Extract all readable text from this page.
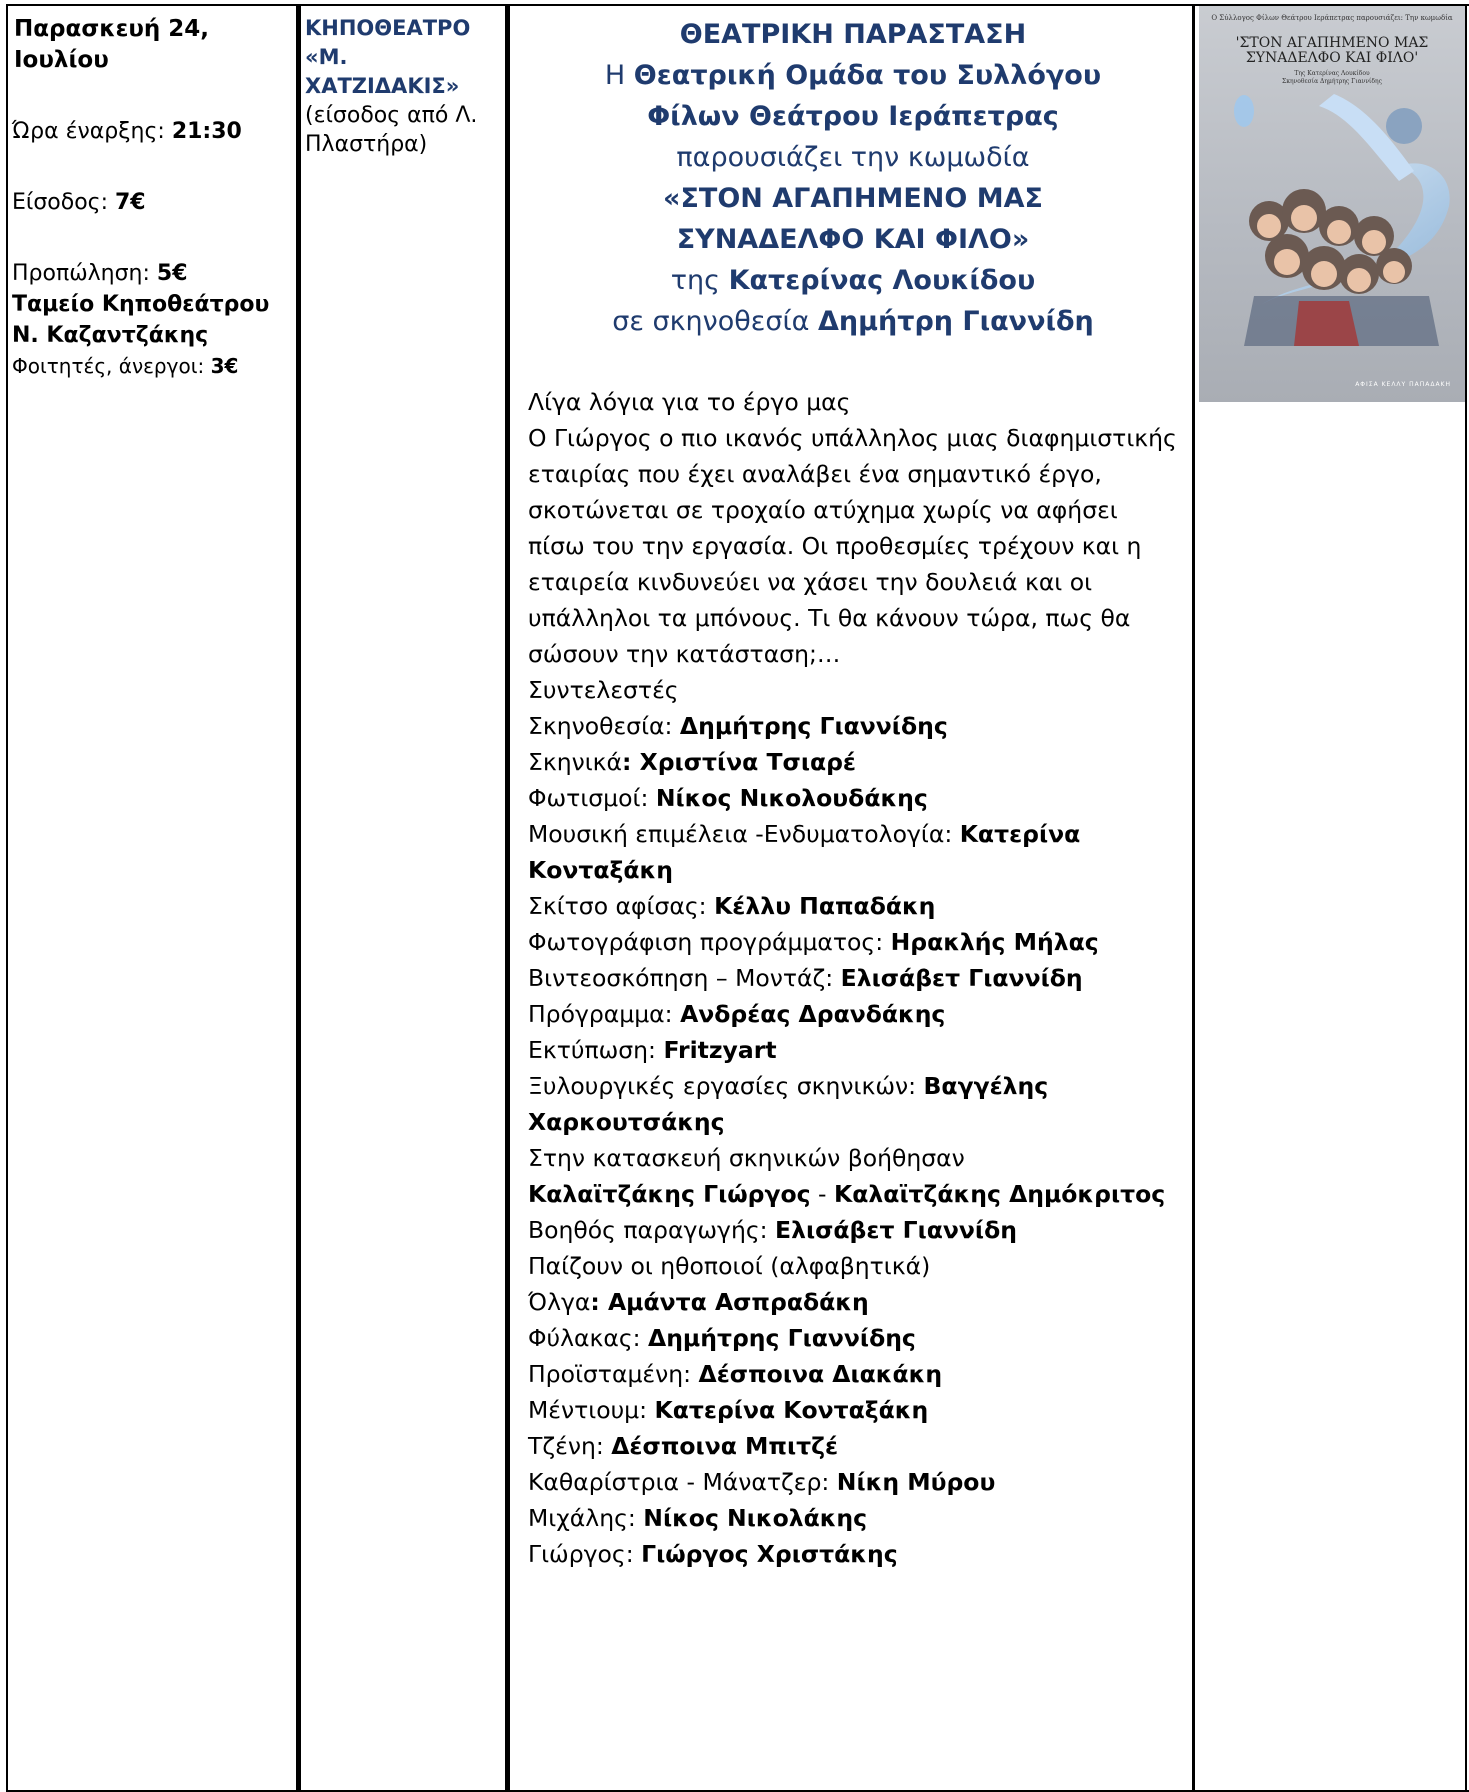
Παρασκευή 24, Ιουλίου

Ώρα έναρξης: 21:30

Είσοδος: 7€

Προπώληση: 5€

Ταμείο Κηποθεάτρου

Ν. Καζαντζάκης

Φοιτητές, άνεργοι: 3€

ΚΗΠΟΘΕΑΤΡΟ
«Μ.
ΧΑΤΖΙΔΑΚΙΣ»
(είσοδος από Λ. Πλαστήρα)
ΘΕΑΤΡΙΚΗ ΠΑΡΑΣΤΑΣΗ
Η Θεατρική Ομάδα του Συλλόγου
Φίλων Θεάτρου Ιεράπετρας
παρουσιάζει την κωμωδία
«ΣΤΟΝ ΑΓΑΠΗΜΕΝΟ ΜΑΣ
ΣΥΝΑΔΕΛΦΟ ΚΑΙ ΦΙΛΟ»
της Κατερίνας Λουκίδου
σε σκηνοθεσία Δημήτρη Γιαννίδη

Λίγα λόγια για το έργο μας

Ο Γιώργος ο πιο ικανός υπάλληλος μιας διαφημιστικής εταιρίας που έχει αναλάβει ένα σημαντικό έργο, σκοτώνεται σε τροχαίο ατύχημα χωρίς να αφήσει πίσω του την εργασία. Οι προθεσμίες τρέχουν και η εταιρεία κινδυνεύει να χάσει την δουλειά και οι υπάλληλοι τα μπόνους. Τι θα κάνουν τώρα, πως θα σώσουν την κατάσταση;…

Συντελεστές

Σκηνοθεσία: Δημήτρης Γιαννίδης

Σκηνικά: Χριστίνα Τσιαρέ

Φωτισμοί: Νίκος Νικολουδάκης

Μουσική επιμέλεια -Ενδυματολογία: Κατερίνα Κονταξάκη

Σκίτσο αφίσας: Κέλλυ Παπαδάκη

Φωτογράφιση προγράμματος: Ηρακλής Μήλας

Βιντεοσκόπηση – Μοντάζ: Ελισάβετ Γιαννίδη

Πρόγραμμα: Ανδρέας Δρανδάκης

Εκτύπωση: Fritzyart

Ξυλουργικές εργασίες σκηνικών: Βαγγέλης Χαρκουτσάκης

Στην κατασκευή σκηνικών βοήθησαν

Καλαϊτζάκης Γιώργος - Καλαϊτζάκης Δημόκριτος

Βοηθός παραγωγής: Ελισάβετ Γιαννίδη

Παίζουν οι ηθοποιοί (αλφαβητικά)

Όλγα: Αμάντα Ασπραδάκη

Φύλακας: Δημήτρης Γιαννίδης

Προϊσταμένη: Δέσποινα Διακάκη

Μέντιουμ: Κατερίνα Κονταξάκη

Τζένη: Δέσποινα Μπιτζέ

Καθαρίστρια - Μάνατζερ: Νίκη Μύρου

Μιχάλης: Νίκος Νικολάκης

Γιώργος: Γιώργος Χριστάκης

Ο Σύλλογος Φίλων Θεάτρου Ιεράπετρας παρουσιάζει: Την κωμωδία
'ΣΤΟΝ ΑΓΑΠΗΜΕΝΟ ΜΑΣ
ΣΥΝΑΔΕΛΦΟ ΚΑΙ ΦΙΛΟ'
Της Κατερίνας Λουκίδου
Σκηνοθεσία Δημήτρης Γιαννίδης
ΑΦΙΣΑ ΚΕΛΛΥ ΠΑΠΑΔΑΚΗ
